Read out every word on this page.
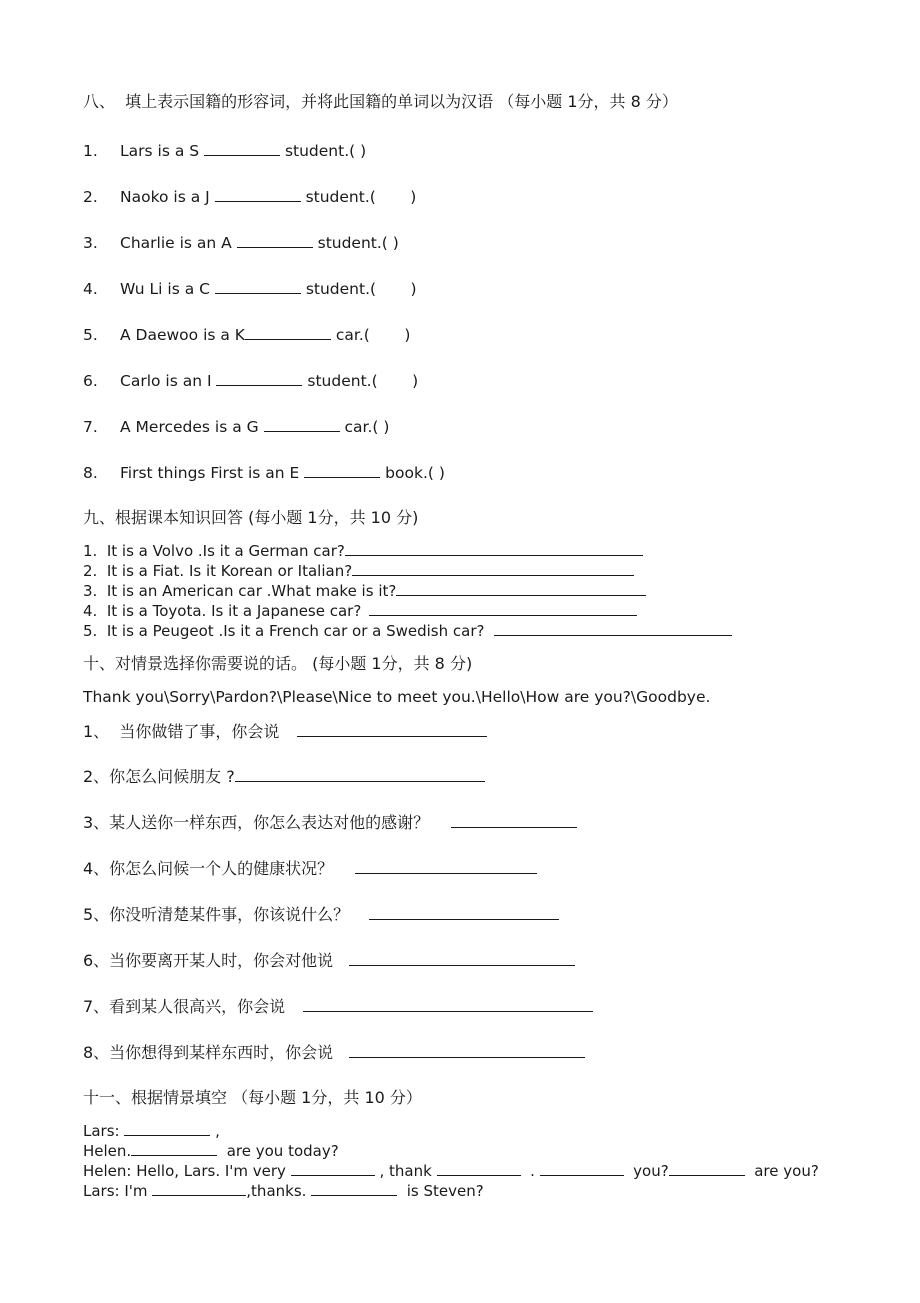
八、  填上表示国籍的形容词，并将此国籍的单词以为汉语 （每小题 1分，共 8 分）
1. Lars is a S	student.( )
2. Naoko is a J	student.(       )
3. Charlie is an A	student.( )
4. Wu Li is a C	student.(       )
5. A Daewoo is a K	car.(       )
6. Carlo is an I	student.(       )
7. A Mercedes is a G	car.( )
8. First things First is an E	book.( )
九、根据课本知识回答 (每小题 1分，共 10 分)
1.  It is a Volvo .Is it a German car?
2.  It is a Fiat. Is it Korean or Italian?
3.  It is an American car .What make is it?
4.  It is a Toyota. Is it a Japanese car?
5.  It is a Peugeot .Is it a French car or a Swedish car?
十、对情景选择你需要说的话。 (每小题 1分，共 8 分)
Thank you\Sorry\Pardon?\Please\Nice to meet you.\Hello\How are you?\Goodbye.
1、  当你做错了事，你会说
2、你怎么问候朋友 ?
3、某人送你一样东西，你怎么表达对他的感谢？
4、你怎么问候一个人的健康状况？
5、你没听清楚某件事，你该说什么？
6、当你要离开某人时，你会对他说
7、看到某人很高兴，你会说
8、当你想得到某样东西时，你会说
十一、根据情景填空 （每小题 1分，共 10 分）
Lars:	,
Helen.	are you today?
Helen: Hello, Lars. I'm very	, thank	.	you?	are you?
Lars: I'm	,thanks.	is Steven?
